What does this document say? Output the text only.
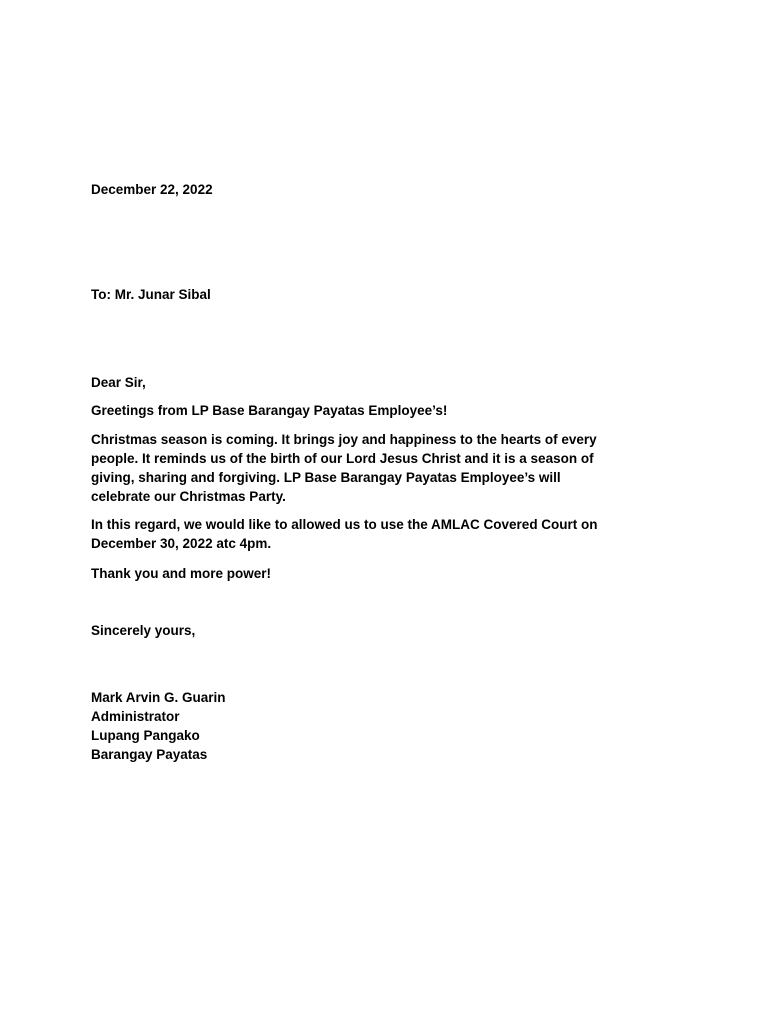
December 22, 2022
To: Mr. Junar Sibal
Dear Sir,
Greetings from LP Base Barangay Payatas Employee’s!
Christmas season is coming. It brings joy and happiness to the hearts of every
people. It reminds us of the birth of our Lord Jesus Christ and it is a season of
giving, sharing and forgiving. LP Base Barangay Payatas Employee’s will
celebrate our Christmas Party.
In this regard, we would like to allowed us to use the AMLAC Covered Court on
December 30, 2022 atc 4pm.
Thank you and more power!
Sincerely yours,
Mark Arvin G. Guarin
Administrator
Lupang Pangako
Barangay Payatas
